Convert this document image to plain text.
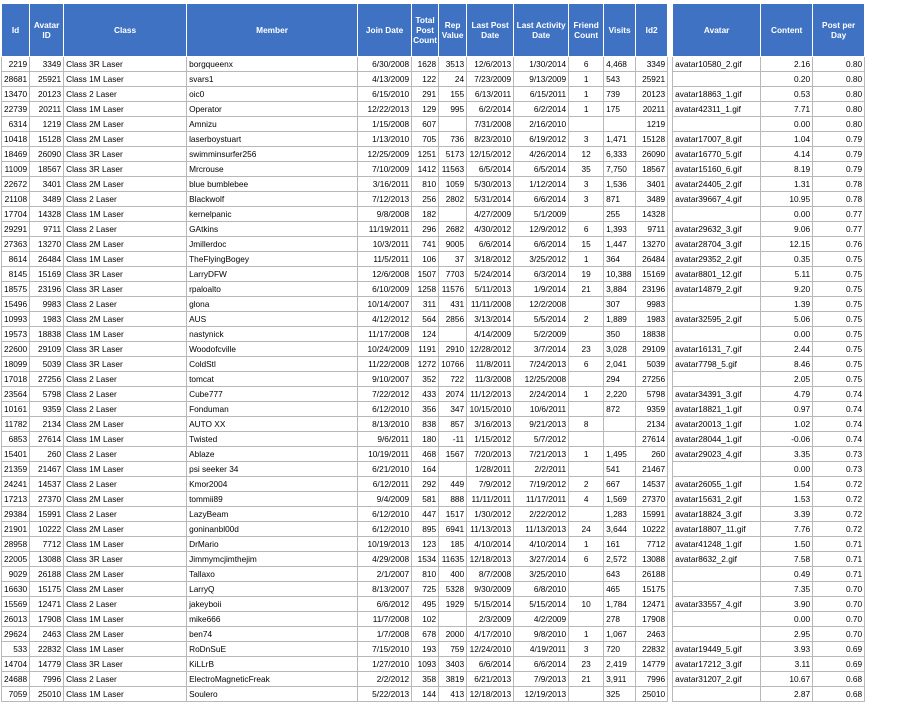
Id	Avatar ID	Class	Member	Join Date	Total Post Count	Rep Value	Last Post Date	Last Activity Date	Friend Count	Visits	Id2		Avatar	Content	Post per Day
2219	3349	Class 3R Laser	borgqueenx	6/30/2008	1628	3513	12/6/2013	1/30/2014	6	4,468	3349		avatar10580_2.gif	2.16	0.80
28681	25921	Class 1M Laser	svars1	4/13/2009	122	24	7/23/2009	9/13/2009	1	543	25921			0.20	0.80
13470	20123	Class 2 Laser	oic0	6/15/2010	291	155	6/13/2011	6/15/2011	1	739	20123		avatar18863_1.gif	0.53	0.80
22739	20211	Class 1M Laser	Operator	12/22/2013	129	995	6/2/2014	6/2/2014	1	175	20211		avatar42311_1.gif	7.71	0.80
6314	1219	Class 2M Laser	Amnizu	1/15/2008	607		7/31/2008	2/16/2010			1219			0.00	0.80
10418	15128	Class 2M Laser	laserboystuart	1/13/2010	705	736	8/23/2010	6/19/2012	3	1,471	15128		avatar17007_8.gif	1.04	0.79
18469	26090	Class 3R Laser	swimminsurfer256	12/25/2009	1251	5173	12/15/2012	4/26/2014	12	6,333	26090		avatar16770_5.gif	4.14	0.79
11009	18567	Class 3R Laser	Mrcrouse	7/10/2009	1412	11563	6/5/2014	6/5/2014	35	7,750	18567		avatar15160_6.gif	8.19	0.79
22672	3401	Class 2M Laser	blue bumblebee	3/16/2011	810	1059	5/30/2013	1/12/2014	3	1,536	3401		avatar24405_2.gif	1.31	0.78
21108	3489	Class 2 Laser	Blackwolf	7/12/2013	256	2802	5/31/2014	6/6/2014	3	871	3489		avatar39667_4.gif	10.95	0.78
17704	14328	Class 1M Laser	kernelpanic	9/8/2008	182		4/27/2009	5/1/2009		255	14328			0.00	0.77
29291	9711	Class 2 Laser	GAtkins	11/19/2011	296	2682	4/30/2012	12/9/2012	6	1,393	9711		avatar29632_3.gif	9.06	0.77
27363	13270	Class 2M Laser	Jmillerdoc	10/3/2011	741	9005	6/6/2014	6/6/2014	15	1,447	13270		avatar28704_3.gif	12.15	0.76
8614	26484	Class 1M Laser	TheFlyingBogey	11/5/2011	106	37	3/18/2012	3/25/2012	1	364	26484		avatar29352_2.gif	0.35	0.75
8145	15169	Class 3R Laser	LarryDFW	12/6/2008	1507	7703	5/24/2014	6/3/2014	19	10,388	15169		avatar8801_12.gif	5.11	0.75
18575	23196	Class 3R Laser	rpaloalto	6/10/2009	1258	11576	5/11/2013	1/9/2014	21	3,884	23196		avatar14879_2.gif	9.20	0.75
15496	9983	Class 2 Laser	glona	10/14/2007	311	431	11/11/2008	12/2/2008		307	9983			1.39	0.75
10993	1983	Class 2M Laser	AUS	4/12/2012	564	2856	3/13/2014	5/5/2014	2	1,889	1983		avatar32595_2.gif	5.06	0.75
19573	18838	Class 1M Laser	nastynick	11/17/2008	124		4/14/2009	5/2/2009		350	18838			0.00	0.75
22600	29109	Class 3R Laser	Woodofcville	10/24/2009	1191	2910	12/28/2012	3/7/2014	23	3,028	29109		avatar16131_7.gif	2.44	0.75
18099	5039	Class 3R Laser	ColdStl	11/22/2008	1272	10766	11/8/2011	7/24/2013	6	2,041	5039		avatar7798_5.gif	8.46	0.75
17018	27256	Class 2 Laser	tomcat	9/10/2007	352	722	11/3/2008	12/25/2008		294	27256			2.05	0.75
23564	5798	Class 2 Laser	Cube777	7/22/2012	433	2074	11/12/2013	2/24/2014	1	2,220	5798		avatar34391_3.gif	4.79	0.74
10161	9359	Class 2 Laser	Fonduman	6/12/2010	356	347	10/15/2010	10/6/2011		872	9359		avatar18821_1.gif	0.97	0.74
11782	2134	Class 2M Laser	AUTO XX	8/13/2010	838	857	3/16/2013	9/21/2013	8		2134		avatar20013_1.gif	1.02	0.74
6853	27614	Class 1M Laser	Twisted	9/6/2011	180	-11	1/15/2012	5/7/2012			27614		avatar28044_1.gif	-0.06	0.74
15401	260	Class 2 Laser	Ablaze	10/19/2011	468	1567	7/20/2013	7/21/2013	1	1,495	260		avatar29023_4.gif	3.35	0.73
21359	21467	Class 1M Laser	psi seeker 34	6/21/2010	164		1/28/2011	2/2/2011		541	21467			0.00	0.73
24241	14537	Class 2 Laser	Kmor2004	6/12/2011	292	449	7/9/2012	7/19/2012	2	667	14537		avatar26055_1.gif	1.54	0.72
17213	27370	Class 2M Laser	tommii89	9/4/2009	581	888	11/11/2011	11/17/2011	4	1,569	27370		avatar15631_2.gif	1.53	0.72
29384	15991	Class 2 Laser	LazyBeam	6/12/2010	447	1517	1/30/2012	2/22/2012		1,283	15991		avatar18824_3.gif	3.39	0.72
21901	10222	Class 2M Laser	goninanbl00d	6/12/2010	895	6941	11/13/2013	11/13/2013	24	3,644	10222		avatar18807_11.gif	7.76	0.72
28958	7712	Class 1M Laser	DrMario	10/19/2013	123	185	4/10/2014	4/10/2014	1	161	7712		avatar41248_1.gif	1.50	0.71
22005	13088	Class 3R Laser	Jimmymcjimthejim	4/29/2008	1534	11635	12/18/2013	3/27/2014	6	2,572	13088		avatar8632_2.gif	7.58	0.71
9029	26188	Class 2M Laser	Tallaxo	2/1/2007	810	400	8/7/2008	3/25/2010		643	26188			0.49	0.71
16630	15175	Class 2M Laser	LarryQ	8/13/2007	725	5328	9/30/2009	6/8/2010		465	15175			7.35	0.70
15569	12471	Class 2 Laser	jakeyboii	6/6/2012	495	1929	5/15/2014	5/15/2014	10	1,784	12471		avatar33557_4.gif	3.90	0.70
26013	17908	Class 1M Laser	mike666	11/7/2008	102		2/3/2009	4/2/2009		278	17908			0.00	0.70
29624	2463	Class 2M Laser	ben74	1/7/2008	678	2000	4/17/2010	9/8/2010	1	1,067	2463			2.95	0.70
533	22832	Class 1M Laser	RoDnSuE	7/15/2010	193	759	12/24/2010	4/19/2011	3	720	22832		avatar19449_5.gif	3.93	0.69
14704	14779	Class 3R Laser	KiLLrB	1/27/2010	1093	3403	6/6/2014	6/6/2014	23	2,419	14779		avatar17212_3.gif	3.11	0.69
24688	7996	Class 2 Laser	ElectroMagneticFreak	2/2/2012	358	3819	6/21/2013	7/9/2013	21	3,911	7996		avatar31207_2.gif	10.67	0.68
7059	25010	Class 1M Laser	Soulero	5/22/2013	144	413	12/18/2013	12/19/2013		325	25010			2.87	0.68
